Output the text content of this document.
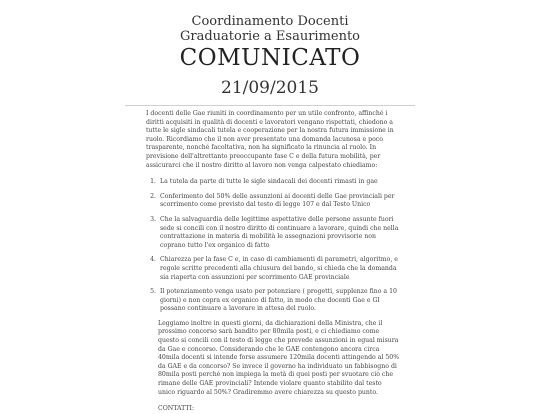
Coordinamento Docenti
Graduatorie a Esaurimento
COMUNICATO
21/09/2015

I docenti delle Gae riuniti in coordinamento per un utile confronto, affinché i diritti acquisiti in qualità di docenti e lavoratori vengano rispettati, chiedono a tutte le sigle sindacali tutela e cooperazione per la nostra futura immissione in ruolo. Ricordiamo che il non aver presentato una domanda lacunosa e poco trasparente, nonché facoltativa, non ha significato la rinuncia al ruolo. In previsione dell'altrettanto preoccupante fase C e della futura mobilità, per assicurarci che il nostro diritto al lavoro non venga calpestato chiediamo:

1. La tutela da parte di tutte le sigle sindacali dei docenti rimasti in gae
2. Conferimento del 50% delle assunzioni ai docenti delle Gae provinciali per scorrimento come previsto dal testo di legge 107 e dal Testo Unico
3. Che la salvaguardia delle legittime aspettative delle persone assunte fuori sede si concili con il nostro diritto di continuare a lavorare, quindi che nella contrattazione in materia di mobilità le assegnazioni provvisorie non coprano tutto l'ex organico di fatto
4. Chiarezza per la fase C e, in caso di cambiamenti di parametri, algoritmo, e regole scritte precedenti alla chiusura del bando, si chieda che la domanda sia riaperta con assunzioni per scorrimento GAE provinciale
5. Il potenziamento venga usato per potenziare ( progetti, supplenze fino a 10 giorni) e non copra ex organico di fatto, in modo che docenti Gae e GI possano continuare a lavorare in attesa del ruolo.

Leggiamo inoltre in questi giorni, da dichiarazioni della Ministra, che il prossimo concorso sarà bandito per 80mila posti, e ci chiediamo come questo si concili con il testo di legge che prevede assunzioni in egual misura da Gae e concorso. Considerando che le GAE contengono ancora circa 40mila docenti si intende forse assumere 120mila docenti attingendo al 50% da GAE e da concorso? Se invece il governo ha individuato un fabbisogno di 80mila posti perché non impiega la metà di quei posti per svuotare ciò che rimane delle GAE provinciali? Intende violare quanto stabilito dal testo unico riguardo al 50%? Gradiremmo avere chiarezza su questo punto.

CONTATTI:
